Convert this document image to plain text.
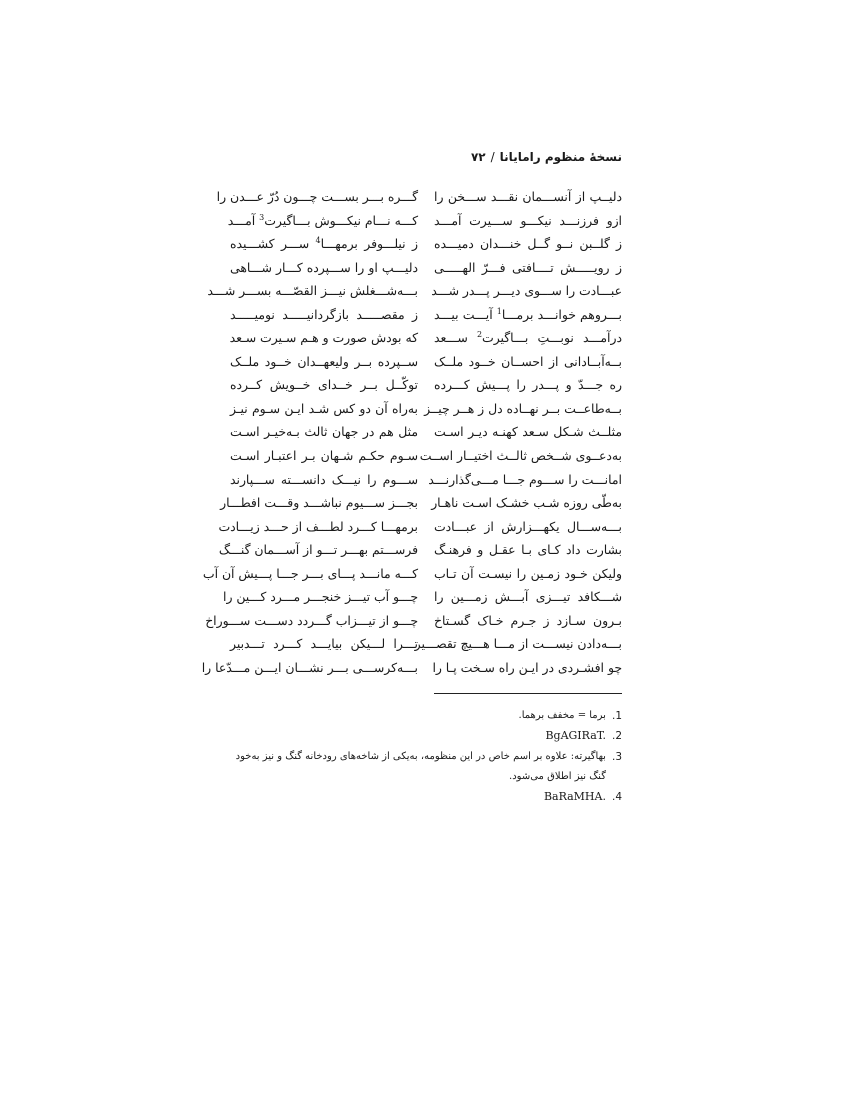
نسخهٔ منظوم رامایانا/۷۲
دلیــپ از آنســـمان نقـــد ســـخن را
ازو فرزنـــد نیکـــو ســـیرت آمـــد
ز گلــبن نــو گــل خنـــدان دمیـــده
ز رویـــــش تــــافتی فـــرّ الهـــــی
عبـــادت را ســـوی دیـــر پـــدر شـــد
بـــروهم خوانـــد برمـــا$^1$ آیـــت بیـــد
درآمـــد نوبـــتِ بـــاگیرت$^2$ ســـعد
بــه‌آبــادانی از احســان خــود ملــک
ره جـــدّ و پـــدر را پـــیش کـــرده
بــه‌طاعــت بــر نهــاده دل ز هــر چیــز
مثلــث شـکل سـعد کهنـه دیـر اسـت
به‌دعــوی شــخص ثالــث اختیــار اســت
امانـــت را ســـوم جـــا مـــی‌گذارنـــد
به‌طّی روزه شـب خشـک اسـت ناهـار
بـــه‌ســـال یکهـــزارش از عبـــادت
بشارت داد کـای بـا عقـل و فرهنـگ
ولیکن خـود زمـین را نیسـت آن تـاب
شـــکافد تیـــزی آبـــش زمـــین را
بـرون سـازد ز جـرم خـاک گسـتاخ
بـــه‌دادن نیســـت از مـــا هـــیچ تقصـــیر
چو افشـردی در ایـن راه سـخت پـا را
گـــره بـــر بســـت چـــون دُرّ عـــدن را
کـــه نـــام نیکـــوش بـــاگیرت$^3$ آمـــد
ز نیلـــوفر برمهـــا$^4$ ســـر کشـــیده
دلیـــپ او را ســـپرده کـــار شـــاهی
بـــه‌شـــغلش نیـــز القصّـــه بســـر شـــد
ز مقصـــــد بازگردانیـــــد نومیـــــد
که بودش صورت و هـم سـیرت سـعد
ســپرده بــر ولیعهــدان خــود ملــک
توکّــل بــر خــدای خــویش کــرده
به‌راه آن دو کس شـد ایـن سـوم نیـز
مثل هم در جهان ثالث بـه‌خیـر اسـت
سـوم حکـم شـهان بـر اعتبـار اسـت
ســـوم را نیـــک دانســـته ســـپارند
بجـــز ســـیوم نباشـــد وقـــت افطـــار
برمهـــا کـــرد لطـــف از حـــد زیـــادت
فرســـتم بهـــر تـــو از آســـمان گنـــگ
کـــه مانـــد پـــای بـــر جـــا پـــیش آن آب
چـــو آب تیـــز خنجـــر مـــرد کـــین را
چـــو از تیـــزاب گـــردد دســـت ســـوراخ
تـــرا لـــیکن بیایـــد کـــرد تـــدبیر
بـــه‌کرســـی بـــر نشـــان ایـــن مـــدّعا را
1.
برما = مخفف برهما.
2.
BgAGIRaT.
3.
بهاگیرته: علاوه بر اسم خاص در این منظومه، به‌یکی از شاخه‌های رودخانه گنگ و نیز به‌خود گنگ نیز اطلاق می‌شود.
4.
BaRaMHA.
